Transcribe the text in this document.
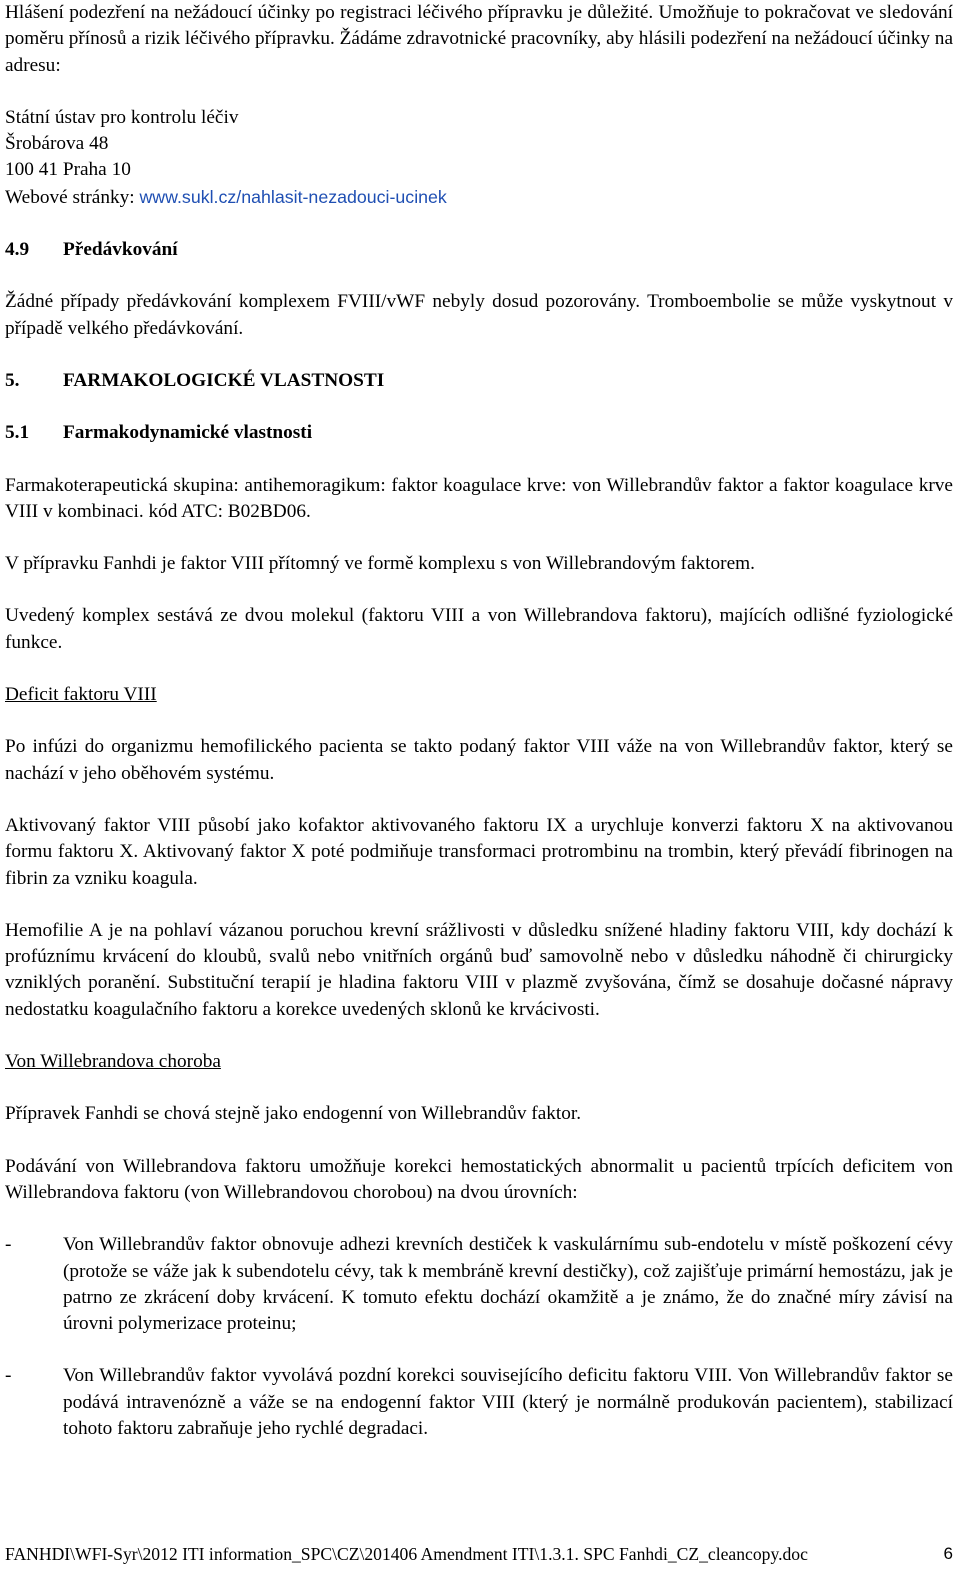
Hlášení podezření na nežádoucí účinky po registraci léčivého přípravku je důležité. Umožňuje to pokračovat ve sledování poměru přínosů a rizik léčivého přípravku. Žádáme zdravotnické pracovníky, aby hlásili podezření na nežádoucí účinky na adresu:

Státní ústav pro kontrolu léčiv
Šrobárova 48
100 41 Praha 10
Webové stránky: www.sukl.cz/nahlasit-nezadouci-ucinek
4.9	Předávkování

Žádné případy předávkování komplexem FVIII/vWF nebyly dosud pozorovány. Tromboembolie se může vyskytnout v případě velkého předávkování.

5.	FARMAKOLOGICKÉ VLASTNOSTI
5.1	Farmakodynamické vlastnosti

Farmakoterapeutická skupina: antihemoragikum: faktor koagulace krve: von Willebrandův faktor a faktor koagulace krve VIII v kombinaci. kód ATC: B02BD06.

V přípravku Fanhdi je faktor VIII přítomný ve formě komplexu s von Willebrandovým faktorem.

Uvedený komplex sestává ze dvou molekul (faktoru VIII a von Willebrandova faktoru), majících odlišné fyziologické funkce.

Deficit faktoru VIII

Po infúzi do organizmu hemofilického pacienta se takto podaný faktor VIII váže na von Willebrandův faktor, který se nachází v jeho oběhovém systému.

Aktivovaný faktor VIII působí jako kofaktor aktivovaného faktoru IX a urychluje konverzi faktoru X na aktivovanou formu faktoru X. Aktivovaný faktor X poté podmiňuje transformaci protrombinu na trombin, který převádí fibrinogen na fibrin za vzniku koagula.

Hemofilie A je na pohlaví vázanou poruchou krevní srážlivosti v důsledku snížené hladiny faktoru VIII, kdy dochází k profúznímu krvácení do kloubů, svalů nebo vnitřních orgánů buď samovolně nebo v důsledku náhodně či chirurgicky vzniklých poranění. Substituční terapií je hladina faktoru VIII v plazmě zvyšována, čímž se dosahuje dočasné nápravy nedostatku koagulačního faktoru a korekce uvedených sklonů ke krvácivosti.

Von Willebrandova choroba

Přípravek Fanhdi se chová stejně jako endogenní von Willebrandův faktor.

Podávání von Willebrandova faktoru umožňuje korekci hemostatických abnormalit u pacientů trpících deficitem von Willebrandova faktoru (von Willebrandovou chorobou) na dvou úrovních:

-	Von Willebrandův faktor obnovuje adhezi krevních destiček k vaskulárnímu sub-endotelu v místě poškození cévy (protože se váže jak k subendotelu cévy, tak k membráně krevní destičky), což zajišťuje primární hemostázu, jak je patrno ze zkrácení doby krvácení. K tomuto efektu dochází okamžitě a je známo, že do značné míry závisí na úrovni polymerizace proteinu;
-	Von Willebrandův faktor vyvolává pozdní korekci souvisejícího deficitu faktoru VIII. Von Willebrandův faktor se podává intravenózně a váže se na endogenní faktor VIII (který je normálně produkován pacientem), stabilizací tohoto faktoru zabraňuje jeho rychlé degradaci.
FANHDI\WFI-Syr\2012 ITI information_SPC\CZ\201406 Amendment ITI\1.3.1. SPC Fanhdi_CZ_cleancopy.doc	6
